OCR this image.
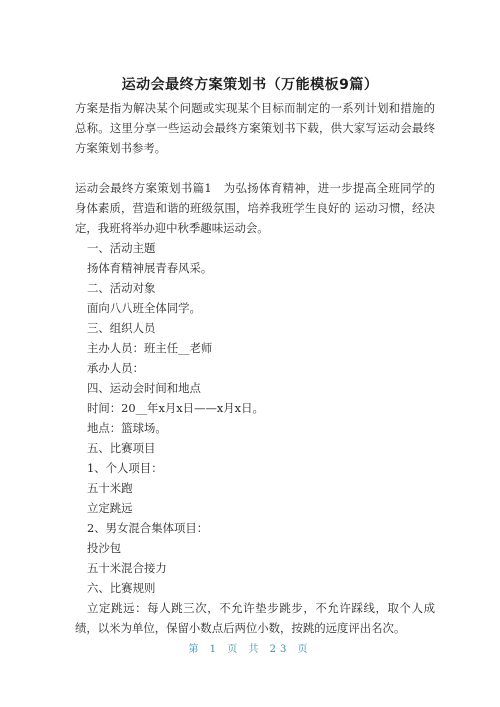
运动会最终方案策划书（万能模板9篇）
方案是指为解决某个问题或实现某个目标而制定的一系列计划和措施的总称。这里分享一些运动会最终方案策划书下载，供大家写运动会最终方案策划书参考。
运动会最终方案策划书篇1　为弘扬体育精神，进一步提高全班同学的身体素质，营造和谐的班级氛围，培养我班学生良好的 运动习惯，经决定，我班将举办迎中秋季趣味运动会。
一、活动主题
扬体育精神展青春风采。
二、活动对象
面向八八班全体同学。
三、组织人员
主办人员：班主任__老师
承办人员：
四、运动会时间和地点
时间：20__年x月x日——x月x日。
地点：篮球场。
五、比赛项目
1、个人项目：
五十米跑
立定跳远
2、男女混合集体项目：
投沙包
五十米混合接力
六、比赛规则
立定跳远：每人跳三次，不允许垫步跳步，不允许踩线，取个人成绩，以米为单位，保留小数点后两位小数，按跳的远度评出名次。
第 1 页 共 23 页
